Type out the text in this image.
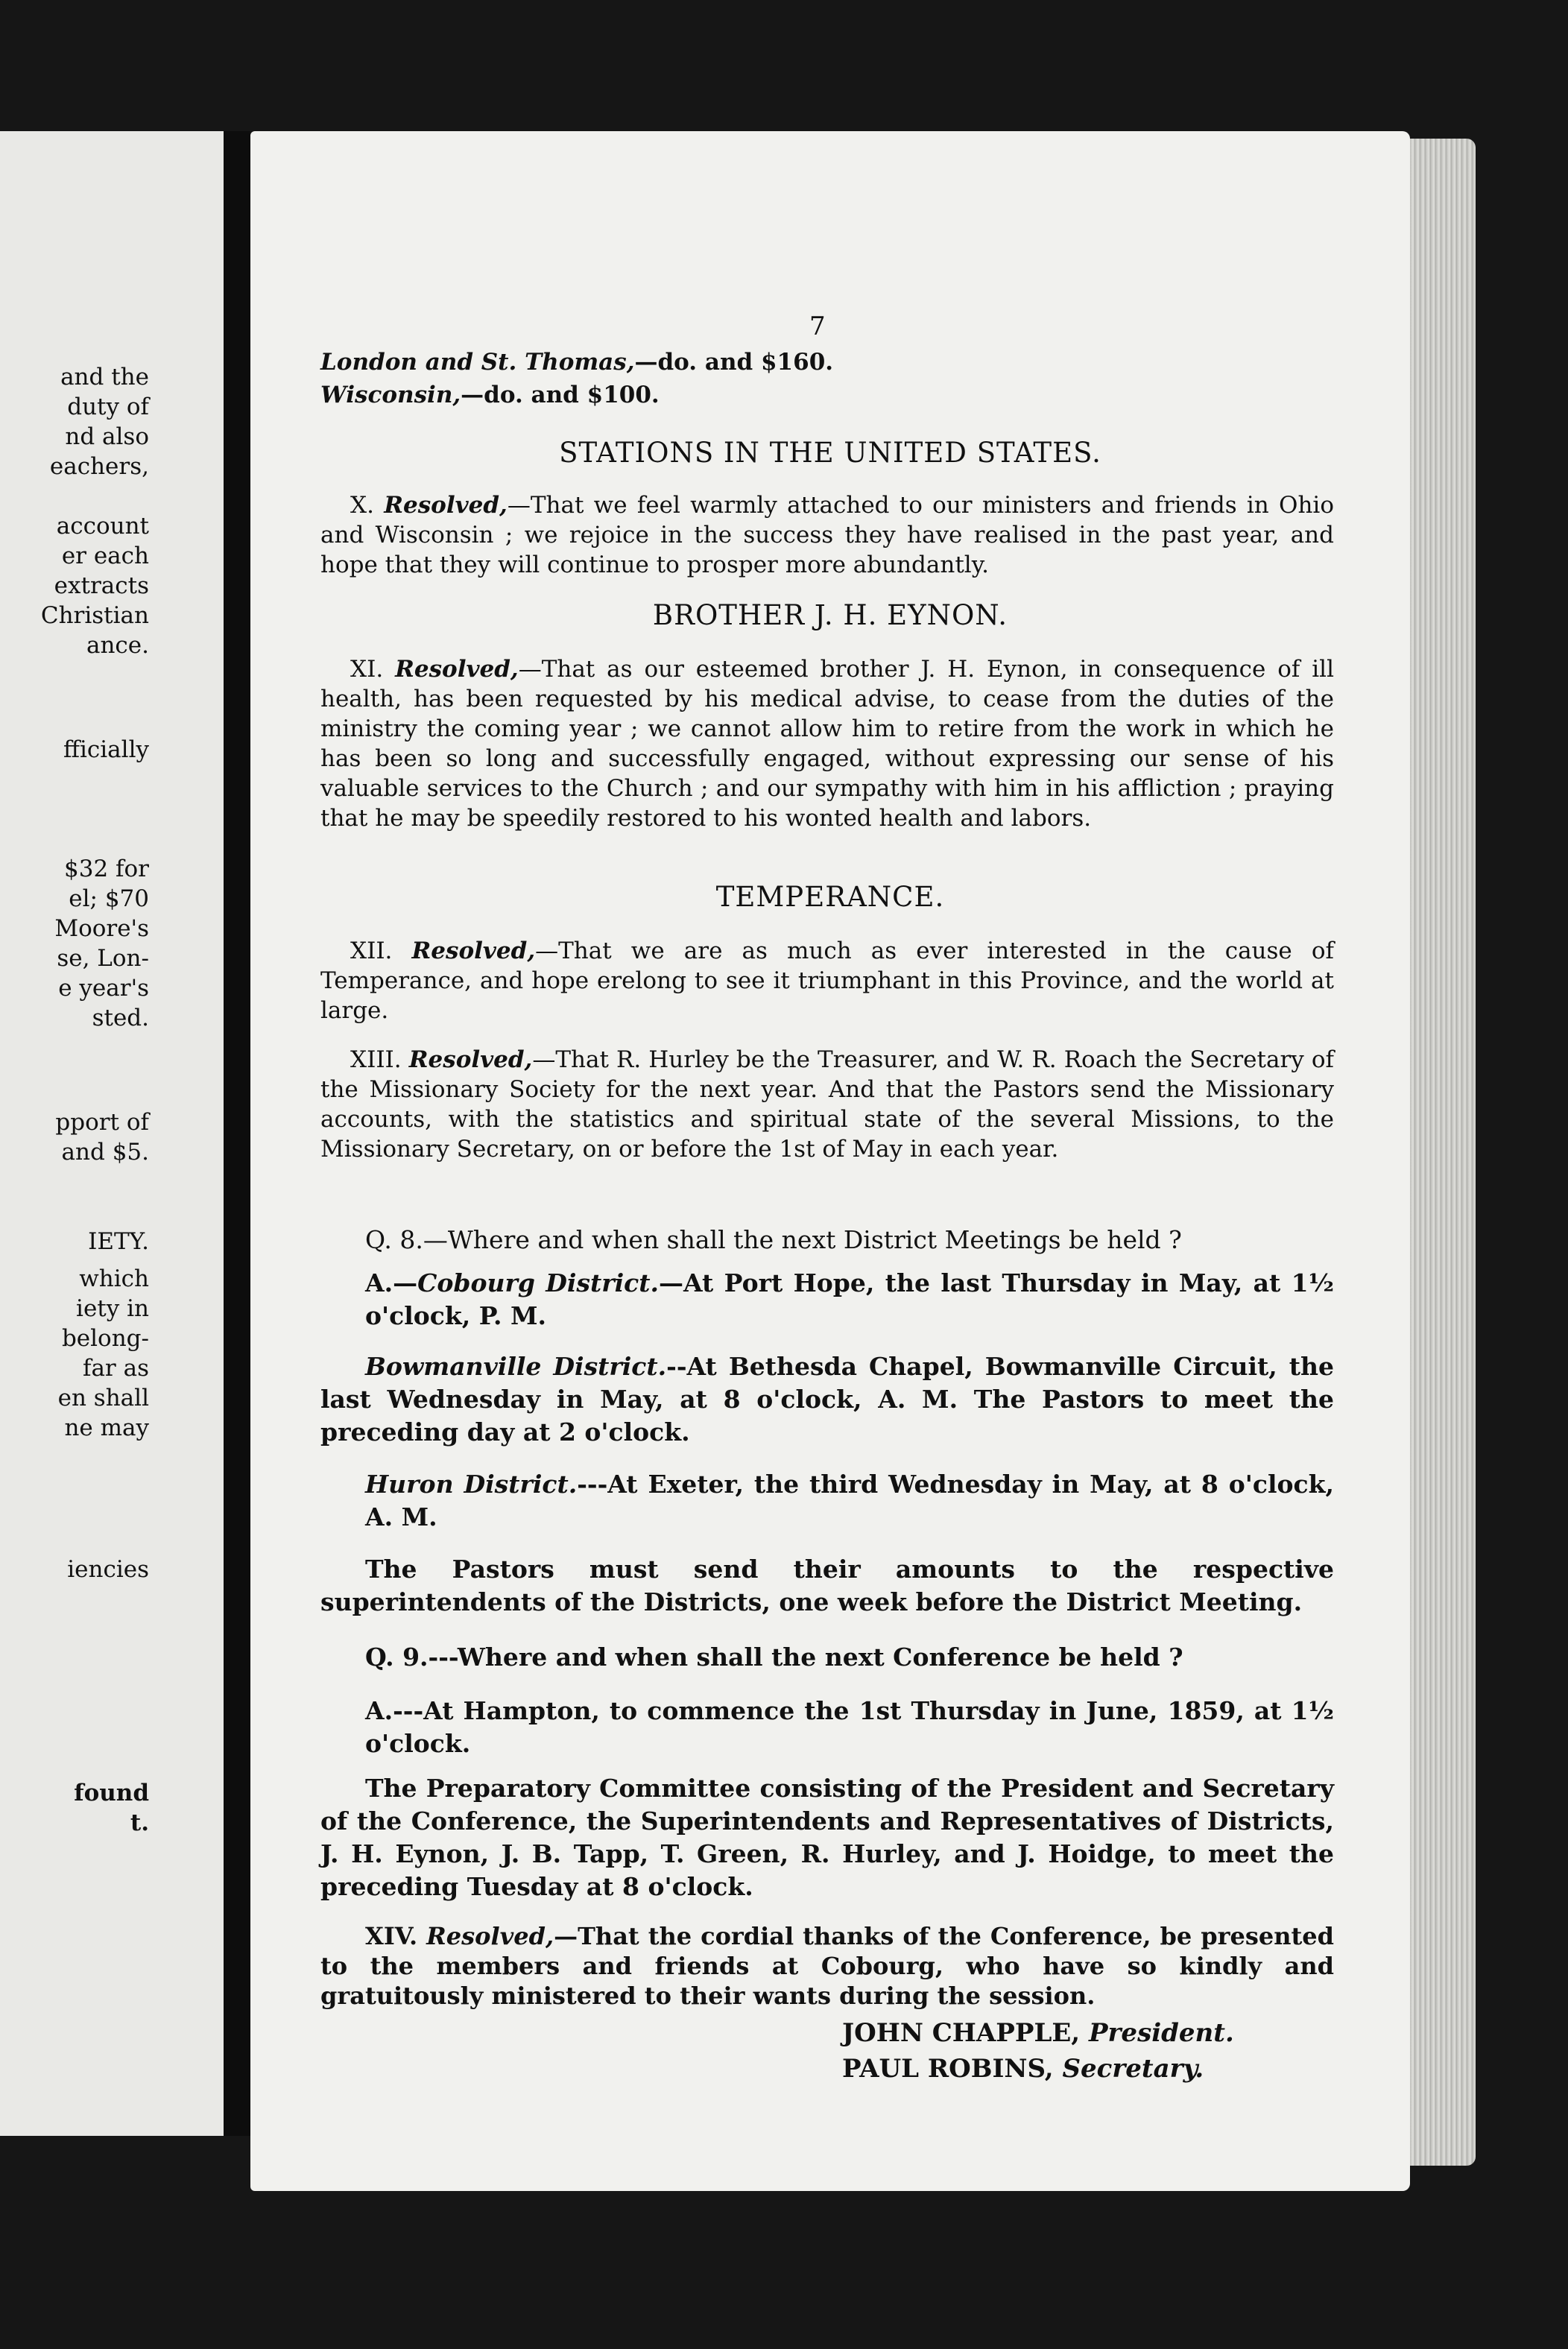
and the
duty of
nd also
eachers,
account
er each
extracts
Christian
ance.
fficially
$32 for
el; $70
Moore's
se, Lon-
e year's
sted.
pport of
and $5.
IETY.
which
iety in
belong-
far as
en shall
ne may
iencies
found
t.
7
London and St. Thomas,—do. and $160.
Wisconsin,—do. and $100.
STATIONS IN THE UNITED STATES.
X. Resolved,—That we feel warmly attached to our ministers and friends in Ohio and Wisconsin ; we rejoice in the success they have realised in the past year, and hope that they will continue to prosper more abundantly.
BROTHER J. H. EYNON.
XI. Resolved,—That as our esteemed brother J. H. Eynon, in consequence of ill health, has been requested by his medical advise, to cease from the duties of the ministry the coming year ; we cannot allow him to retire from the work in which he has been so long and successfully engaged, without expressing our sense of his valuable services to the Church ; and our sympathy with him in his affliction ; praying that he may be speedily restored to his wonted health and labors.
TEMPERANCE.
XII. Resolved,—That we are as much as ever interested in the cause of Temperance, and hope erelong to see it triumphant in this Province, and the world at large.
XIII. Resolved,—That R. Hurley be the Treasurer, and W. R. Roach the Secretary of the Missionary Society for the next year. And that the Pastors send the Missionary accounts, with the statistics and spiritual state of the several Missions, to the Missionary Secretary, on or before the 1st of May in each year.
Q. 8.—Where and when shall the next District Meetings be held ?
A.—Cobourg District.—At Port Hope, the last Thursday in May, at 1½ o'clock, P. M.
Bowmanville District.--At Bethesda Chapel, Bowmanville Circuit, the last Wednesday in May, at 8 o'clock, A. M. The Pastors to meet the preceding day at 2 o'clock.
Huron District.---At Exeter, the third Wednesday in May, at 8 o'clock, A. M.
The Pastors must send their amounts to the respective superintendents of the Districts, one week before the District Meeting.
Q. 9.---Where and when shall the next Conference be held ?
A.---At Hampton, to commence the 1st Thursday in June, 1859, at 1½ o'clock.
The Preparatory Committee consisting of the President and Secretary of the Conference, the Superintendents and Representatives of Districts, J. H. Eynon, J. B. Tapp, T. Green, R. Hurley, and J. Hoidge, to meet the preceding Tuesday at 8 o'clock.
XIV. Resolved,—That the cordial thanks of the Conference, be presented to the members and friends at Cobourg, who have so kindly and gratuitously ministered to their wants during the session.
JOHN CHAPPLE, President.
PAUL ROBINS, Secretary.
